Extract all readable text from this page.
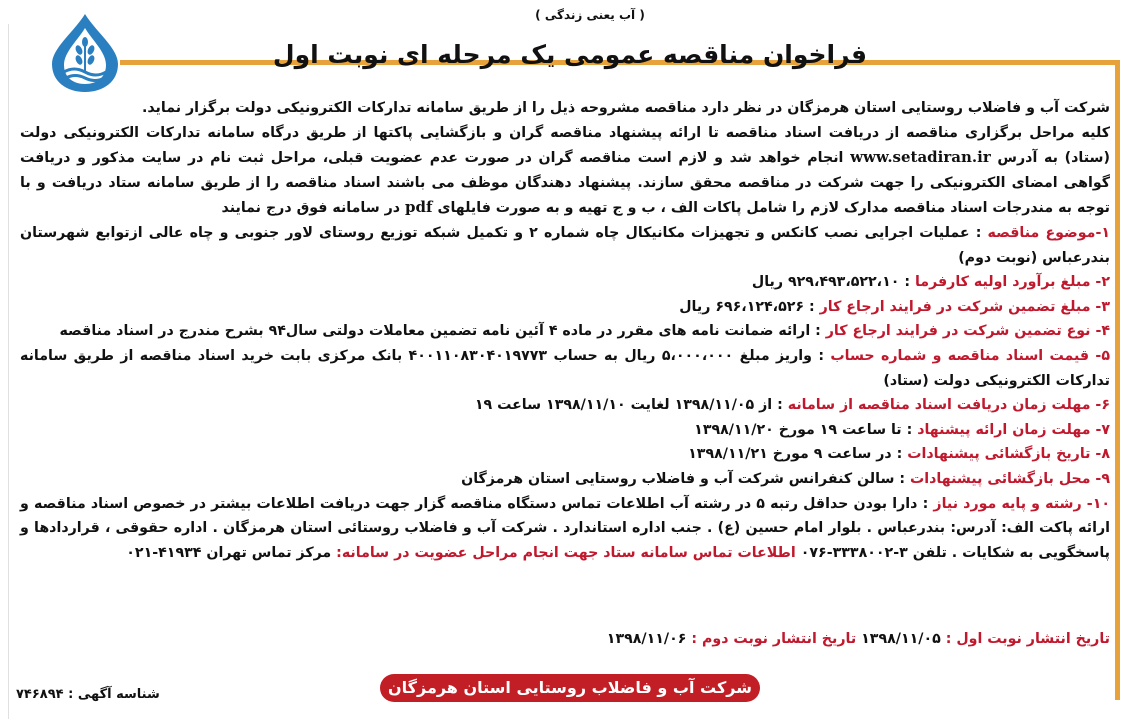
( آب یعنی زندگی )
فراخوان مناقصه عمومی یک مرحله ای نوبت اول

شرکت آب و فاضلاب روستایی استان هرمزگان در نظر دارد مناقصه مشروحه ذیل را از طریق سامانه تدارکات الکترونیکی دولت برگزار نماید.

کلیه مراحل برگزاری مناقصه از دریافت اسناد مناقصه تا ارائه پیشنهاد مناقصه گران و بازگشایی پاکتها از طریق درگاه سامانه تدارکات الکترونیکی دولت (ستاد) به آدرس www.setadiran.ir انجام خواهد شد و لازم است مناقصه گران در صورت عدم عضویت قبلی، مراحل ثبت نام در سایت مذکور و دریافت گواهی امضای الکترونیکی را جهت شرکت در مناقصه محقق سازند. پیشنهاد دهندگان موظف می باشند اسناد مناقصه را از طریق سامانه ستاد دریافت و با توجه به مندرجات اسناد مناقصه مدارک لازم را شامل پاکات الف ، ب و ج تهیه و به صورت فایلهای pdf در سامانه فوق درج نمایند

۱-موضوع مناقصه : عملیات اجرایی نصب کانکس و تجهیزات مکانیکال چاه شماره ۲ و تکمیل شبکه توزیع روستای لاور جنوبی و چاه عالی ازتوابع شهرستان بندرعباس (نوبت دوم)

۲- مبلغ برآورد اولیه کارفرما : ۹۲۹،۴۹۳،۵۲۲،۱۰ ریال

۳- مبلغ تضمین شرکت در فرایند ارجاع کار : ۶۹۶،۱۲۴،۵۲۶ ریال

۴- نوع تضمین شرکت در فرایند ارجاع کار : ارائه ضمانت نامه های مقرر در ماده ۴ آئین نامه تضمین معاملات دولتی سال۹۴ بشرح مندرج در اسناد مناقصه

۵- قیمت اسناد مناقصه و شماره حساب : واریز مبلغ ۵،۰۰۰،۰۰۰ ریال به حساب ۴۰۰۱۱۰۸۳۰۴۰۱۹۷۷۳ بانک مرکزی بابت خرید اسناد مناقصه از طریق سامانه تدارکات الکترونیکی دولت (ستاد)

۶- مهلت زمان دریافت اسناد مناقصه از سامانه : از ۱۳۹۸/۱۱/۰۵ لغایت ۱۳۹۸/۱۱/۱۰ ساعت ۱۹

۷- مهلت زمان ارائه پیشنهاد : تا ساعت ۱۹ مورخ ۱۳۹۸/۱۱/۲۰

۸- تاریخ بازگشائی پیشنهادات : در ساعت ۹ مورخ ۱۳۹۸/۱۱/۲۱

۹- محل بازگشائی پیشنهادات : سالن کنفرانس شرکت آب و فاضلاب روستایی استان هرمزگان

۱۰- رشته و پایه مورد نیاز : دارا بودن حداقل رتبه ۵ در رشته آب اطلاعات تماس دستگاه مناقصه گزار جهت دریافت اطلاعات بیشتر در خصوص اسناد مناقصه و ارائه پاکت الف: آدرس: بندرعباس . بلوار امام حسین (ع) . جنب اداره استاندارد . شرکت آب و فاضلاب روستائی استان هرمزگان . اداره حقوقی ، قراردادها و پاسخگویی به شکایات . تلفن ۳-۳۳۳۸۰۰۲-۰۷۶ اطلاعات تماس سامانه ستاد جهت انجام مراحل عضویت در سامانه: مرکز تماس تهران ۴۱۹۳۴-۰۲۱

تاریخ انتشار نوبت اول : ۱۳۹۸/۱۱/۰۵ تاریخ انتشار نوبت دوم : ۱۳۹۸/۱۱/۰۶
شناسه آگهی : ۷۴۶۸۹۴	شرکت آب و فاضلاب روستایی استان هرمزگان
